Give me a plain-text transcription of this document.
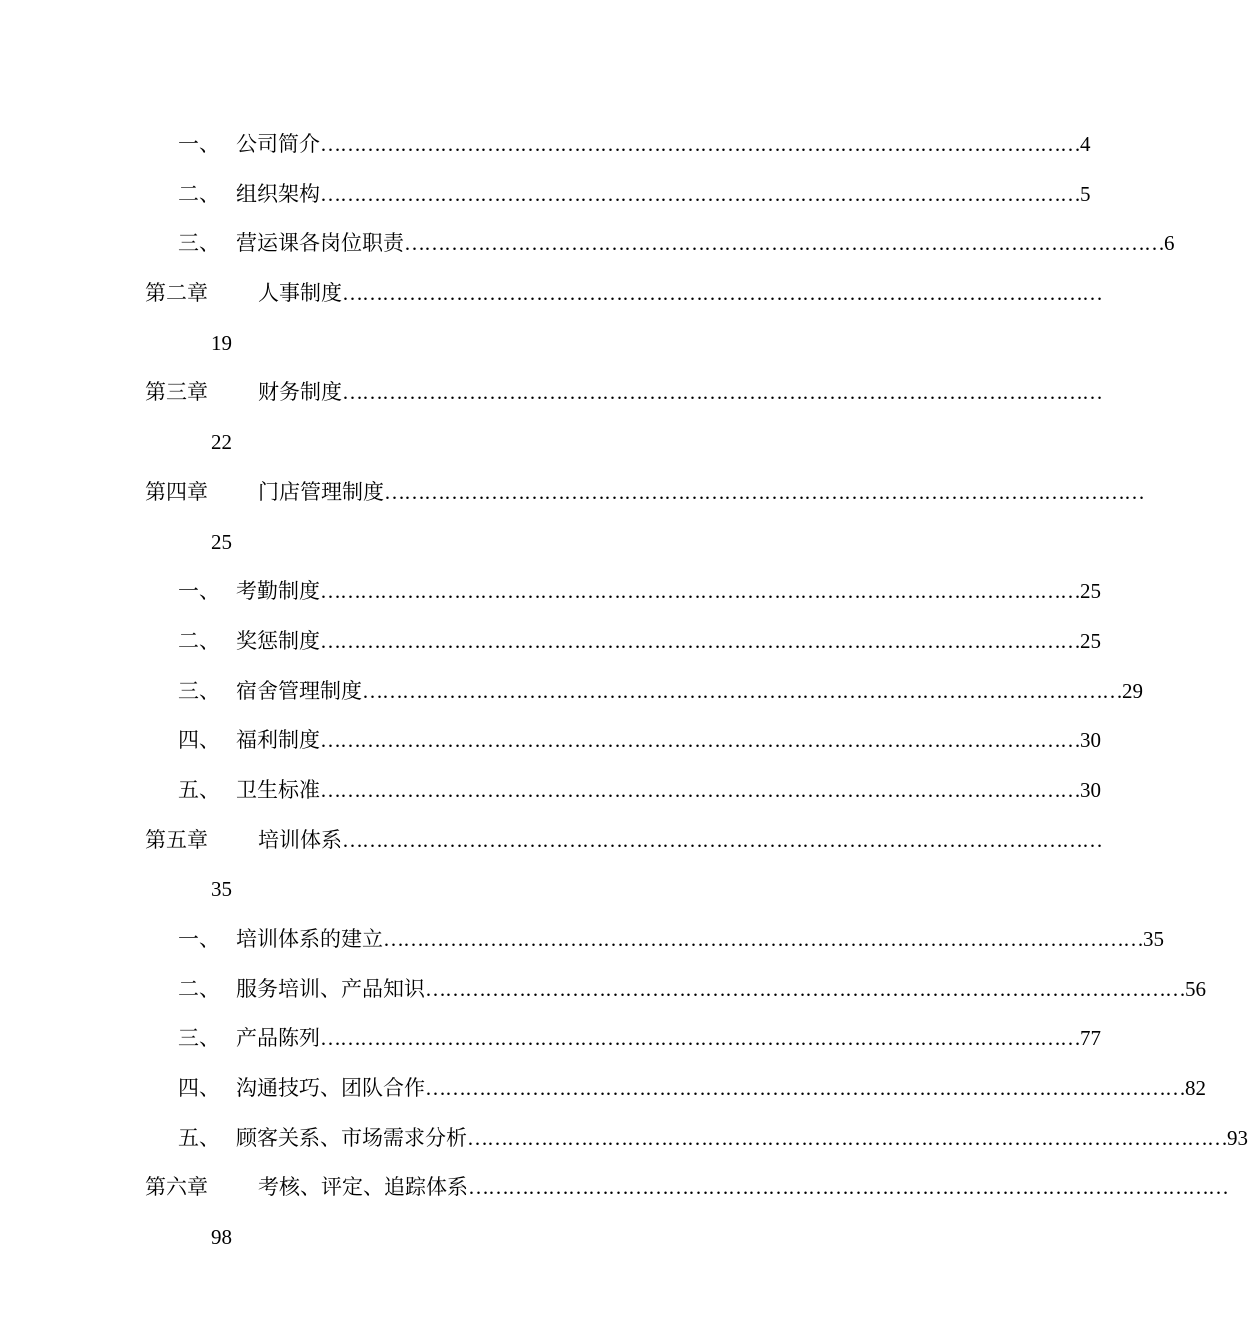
一、 公司简介 …………………………………………………………………………………………………… 4
二、 组织架构 …………………………………………………………………………………………………… 5
三、 营运课各岗位职责 …………………………………………………………………………………………………… 6
第二章 人事制度 ……………………………………………………………………………………………………
19
第三章 财务制度 ……………………………………………………………………………………………………
22
第四章 门店管理制度 ……………………………………………………………………………………………………
25
一、 考勤制度 …………………………………………………………………………………………………… 25
二、 奖惩制度 …………………………………………………………………………………………………… 25
三、 宿舍管理制度 …………………………………………………………………………………………………… 29
四、 福利制度 …………………………………………………………………………………………………… 30
五、 卫生标准 …………………………………………………………………………………………………… 30
第五章 培训体系 ……………………………………………………………………………………………………
35
一、 培训体系的建立 …………………………………………………………………………………………………… 35
二、 服务培训、产品知识 …………………………………………………………………………………………………… 56
三、 产品陈列 …………………………………………………………………………………………………… 77
四、 沟通技巧、团队合作 …………………………………………………………………………………………………… 82
五、 顾客关系、市场需求分析 …………………………………………………………………………………………………… 93
第六章 考核、评定、追踪体系 ……………………………………………………………………………………………………
98
